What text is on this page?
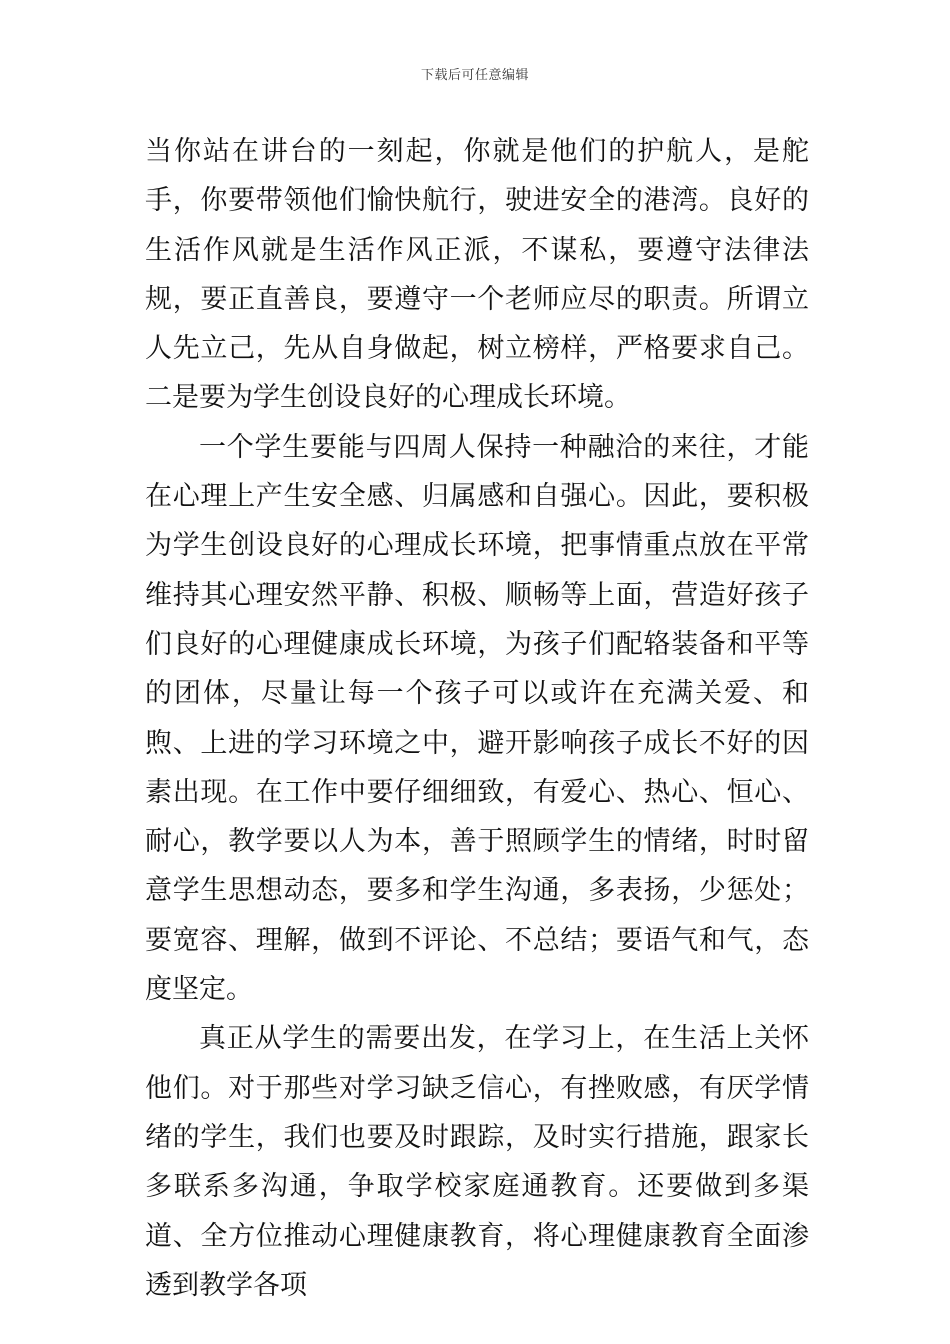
下载后可任意编辑

当你站在讲台的一刻起，你就是他们的护航人，是舵手，你要带领他们愉快航行，驶进安全的港湾。良好的生活作风就是生活作风正派，不谋私，要遵守法律法规，要正直善良，要遵守一个老师应尽的职责。所谓立人先立己，先从自身做起，树立榜样，严格要求自己。二是要为学生创设良好的心理成长环境。

一个学生要能与四周人保持一种融洽的来往，才能在心理上产生安全感、归属感和自强心。因此，要积极为学生创设良好的心理成长环境，把事情重点放在平常维持其心理安然平静、积极、顺畅等上面，营造好孩子们良好的心理健康成长环境，为孩子们配辂装备和平等的团体，尽量让每一个孩子可以或许在充满关爱、和煦、上进的学习环境之中，避开影响孩子成长不好的因素出现。在工作中要仔细细致，有爱心、热心、恒心、耐心，教学要以人为本，善于照顾学生的情绪，时时留意学生思想动态，要多和学生沟通，多表扬，少惩处；要宽容、理解，做到不评论、不总结；要语气和气，态度坚定。

真正从学生的需要出发，在学习上，在生活上关怀他们。对于那些对学习缺乏信心，有挫败感，有厌学情绪的学生，我们也要及时跟踪，及时实行措施，跟家长多联系多沟通，争取学校家庭通教育。还要做到多渠道、全方位推动心理健康教育，将心理健康教育全面渗透到教学各项
